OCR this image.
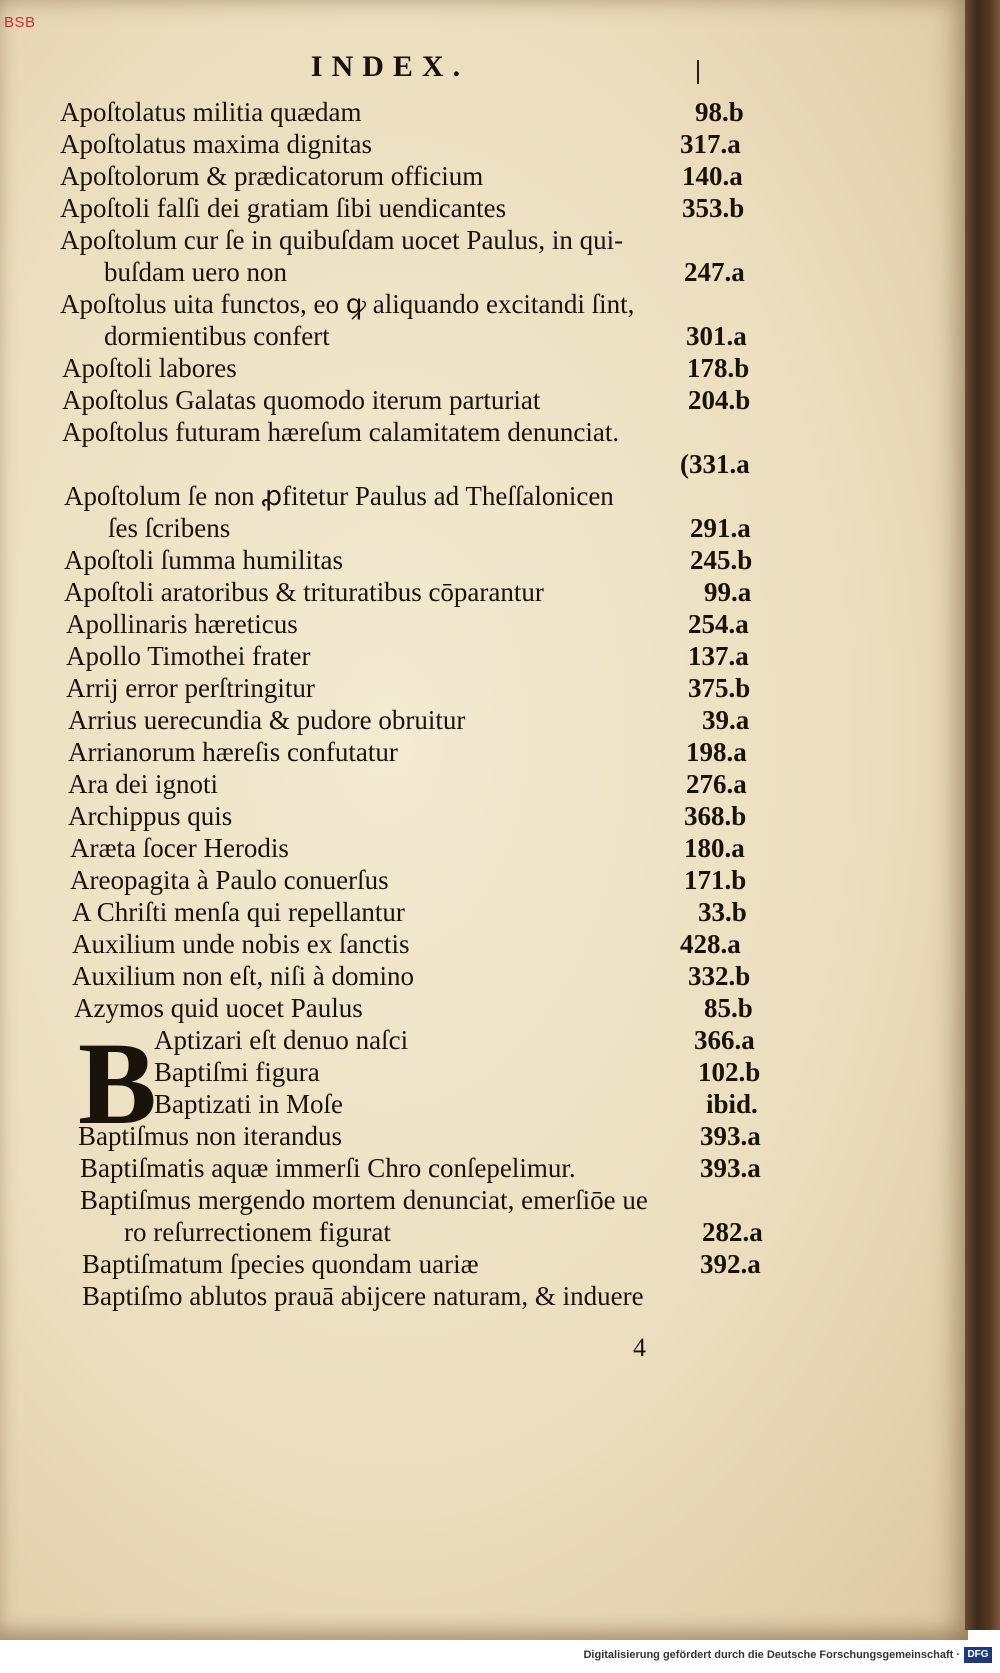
BSB
INDEX.
Apoſtolatus militia quædam	98.b
Apoſtolatus maxima dignitas	317.a
Apoſtolorum & prædicatorum officium	140.a
Apoſtoli falſi dei gratiam ſibi uendicantes	353.b
Apoſtolum cur ſe in quibuſdam uocet Paulus, in qui-
buſdam uero non	247.a
Apoſtolus uita functos, eo ꝙ aliquando excitandi ſint,
dormientibus confert	301.a
Apoſtoli labores	178.b
Apoſtolus Galatas quomodo iterum parturiat	204.b
Apoſtolus futuram hæreſum calamitatem denunciat.
(331.a
Apoſtolum ſe non ꝓfitetur Paulus ad Theſſalonicen
ſes ſcribens	291.a
Apoſtoli ſumma humilitas	245.b
Apoſtoli aratoribus & trituratibus cōparantur	99.a
Apollinaris hæreticus	254.a
Apollo Timothei frater	137.a
Arrij error perſtringitur	375.b
Arrius uerecundia & pudore obruitur	39.a
Arrianorum hæreſis confutatur	198.a
Ara dei ignoti	276.a
Archippus quis	368.b
Aræta ſocer Herodis	180.a
Areopagita à Paulo conuerſus	171.b
A Chriſti menſa qui repellantur	33.b
Auxilium unde nobis ex ſanctis	428.a
Auxilium non eſt, niſi à domino	332.b
Azymos quid uocet Paulus	85.b
Aptizari eſt denuo naſci	366.a
Baptiſmi figura	102.b
Baptizati in Moſe	ibid.
Baptiſmus non iterandus	393.a
Baptiſmatis aquæ immerſi Chro conſepelimur.	393.a
Baptiſmus mergendo mortem denunciat, emerſiōe ue
ro reſurrectionem figurat	282.a
Baptiſmatum ſpecies quondam uariæ	392.a
Baptiſmo ablutos prauā abijcere naturam, & induere
B
4
Digitalisierung gefördert durch die Deutsche Forschungsgemeinschaft · DFG
